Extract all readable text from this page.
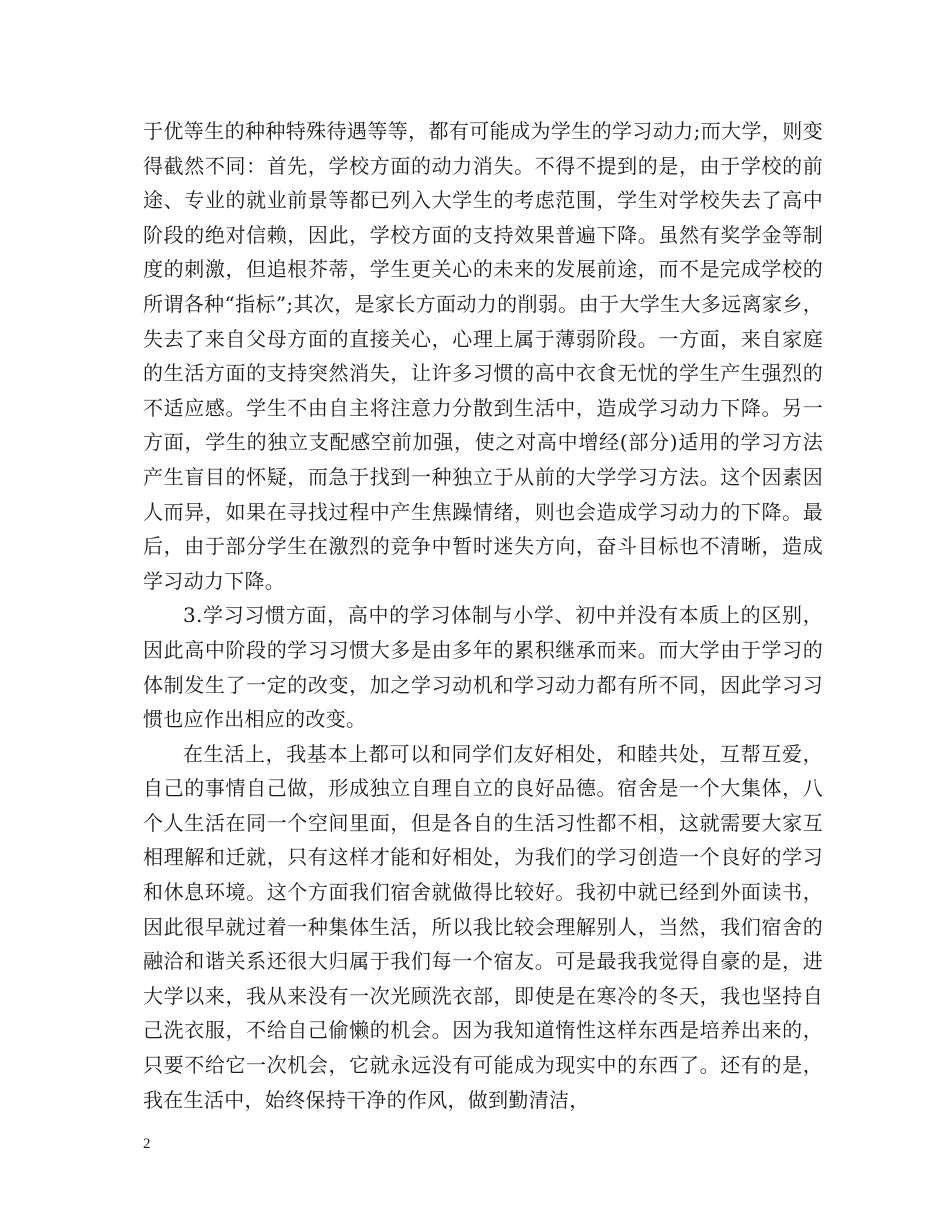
于优等生的种种特殊待遇等等，都有可能成为学生的学习动力;而大学，则变得截然不同：首先，学校方面的动力消失。不得不提到的是，由于学校的前途、专业的就业前景等都已列入大学生的考虑范围，学生对学校失去了高中阶段的绝对信赖，因此，学校方面的支持效果普遍下降。虽然有奖学金等制度的刺激，但追根芥蒂，学生更关心的未来的发展前途，而不是完成学校的所谓各种“指标”;其次，是家长方面动力的削弱。由于大学生大多远离家乡，失去了来自父母方面的直接关心，心理上属于薄弱阶段。一方面，来自家庭的生活方面的支持突然消失，让许多习惯的高中衣食无忧的学生产生强烈的不适应感。学生不由自主将注意力分散到生活中，造成学习动力下降。另一方面，学生的独立支配感空前加强，使之对高中增经(部分)适用的学习方法产生盲目的怀疑，而急于找到一种独立于从前的大学学习方法。这个因素因人而异，如果在寻找过程中产生焦躁情绪，则也会造成学习动力的下降。最后，由于部分学生在激烈的竞争中暂时迷失方向，奋斗目标也不清晰，造成学习动力下降。

3.学习习惯方面，高中的学习体制与小学、初中并没有本质上的区别，因此高中阶段的学习习惯大多是由多年的累积继承而来。而大学由于学习的体制发生了一定的改变，加之学习动机和学习动力都有所不同，因此学习习惯也应作出相应的改变。

在生活上，我基本上都可以和同学们友好相处，和睦共处，互帮互爱，自己的事情自己做，形成独立自理自立的良好品德。宿舍是一个大集体，八个人生活在同一个空间里面，但是各自的生活习性都不相，这就需要大家互相理解和迁就，只有这样才能和好相处，为我们的学习创造一个良好的学习和休息环境。这个方面我们宿舍就做得比较好。我初中就已经到外面读书，因此很早就过着一种集体生活，所以我比较会理解别人，当然，我们宿舍的融洽和谐关系还很大归属于我们每一个宿友。可是最我我觉得自豪的是，进大学以来，我从来没有一次光顾洗衣部，即使是在寒冷的冬天，我也坚持自己洗衣服，不给自己偷懒的机会。因为我知道惰性这样东西是培养出来的，只要不给它一次机会，它就永远没有可能成为现实中的东西了。还有的是，我在生活中，始终保持干净的作风，做到勤清洁，

2
